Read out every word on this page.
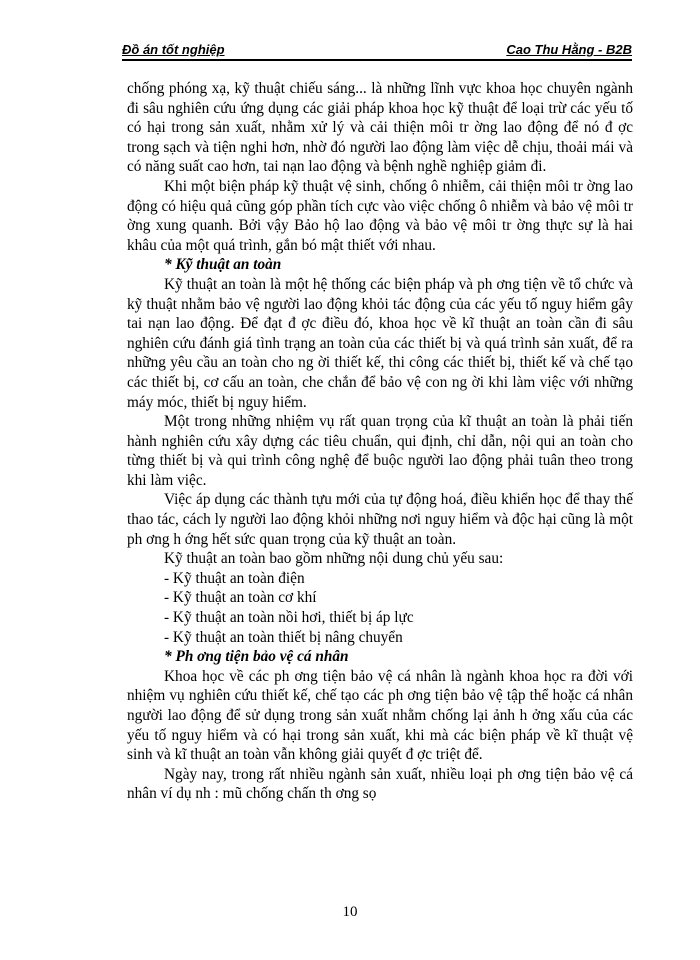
Đồ án tốt nghiệp	Cao Thu Hằng - B2B

chống phóng xạ, kỹ thuật chiếu sáng... là những lĩnh vực khoa học chuyên ngành đi sâu nghiên cứu ứng dụng các giải pháp khoa học kỹ thuật để loại trừ các yếu tố có hại trong sản xuất, nhằm xử lý và cải thiện môi tr ờng lao động để nó đ ợc trong sạch và tiện nghi hơn, nhờ đó người lao động làm việc dễ chịu, thoải mái và có năng suất cao hơn, tai nạn lao động và bệnh nghề nghiệp giảm đi.

Khi một biện pháp kỹ thuật vệ sinh, chống ô nhiễm, cải thiện môi tr ờng lao động có hiệu quả cũng góp phần tích cực vào việc chống ô nhiễm và bảo vệ môi tr ờng xung quanh. Bởi vậy Bảo hộ lao động và bảo vệ môi tr ờng thực sự là hai khâu của một quá trình, gắn bó mật thiết với nhau.

* Kỹ thuật an toàn

Kỹ thuật an toàn là một hệ thống các biện pháp và ph ơng tiện về tổ chức và kỹ thuật nhằm bảo vệ người lao động khỏi tác động của các yếu tố nguy hiểm gây tai nạn lao động. Để đạt đ ợc điều đó, khoa học về kĩ thuật an toàn cần đi sâu nghiên cứu đánh giá tình trạng an toàn của các thiết bị và quá trình sản xuất, để ra những yêu cầu an toàn cho ng ời thiết kế, thi công các thiết bị, thiết kế và chế tạo các thiết bị, cơ cấu an toàn, che chắn để bảo vệ con ng ời khi làm việc với những máy móc, thiết bị nguy hiểm.

Một trong những nhiệm vụ rất quan trọng của kĩ thuật an toàn là phải tiến hành nghiên cứu xây dựng các tiêu chuẩn, qui định, chỉ dẫn, nội qui an toàn cho từng thiết bị và qui trình công nghệ để buộc người lao động phải tuân theo trong khi làm việc.

Việc áp dụng các thành tựu mới của tự động hoá, điều khiển học để thay thế thao tác, cách ly người lao động khỏi những nơi nguy hiểm và độc hại cũng là một ph ơng h ớng hết sức quan trọng của kỹ thuật an toàn.

Kỹ thuật an toàn bao gồm những nội dung chủ yếu sau:

- Kỹ thuật an toàn điện

- Kỹ thuật an toàn cơ khí

- Kỹ thuật an toàn nồi hơi, thiết bị áp lực

- Kỹ thuật an toàn thiết bị nâng chuyển

* Ph ơng tiện bảo vệ cá nhân

Khoa học về các ph ơng tiện bảo vệ cá nhân là ngành khoa học ra đời với nhiệm vụ nghiên cứu thiết kế, chế tạo các ph ơng tiện bảo vệ tập thể hoặc cá nhân người lao động để sử dụng trong sản xuất nhằm chống lại ảnh h ởng xấu của các yếu tố nguy hiểm và có hại trong sản xuất, khi mà các biện pháp về kĩ thuật vệ sinh và kĩ thuật an toàn vẫn không giải quyết đ ợc triệt để.

Ngày nay, trong rất nhiều ngành sản xuất, nhiều loại ph ơng tiện bảo vệ cá nhân ví dụ nh : mũ chống chấn th ơng sọ

10
